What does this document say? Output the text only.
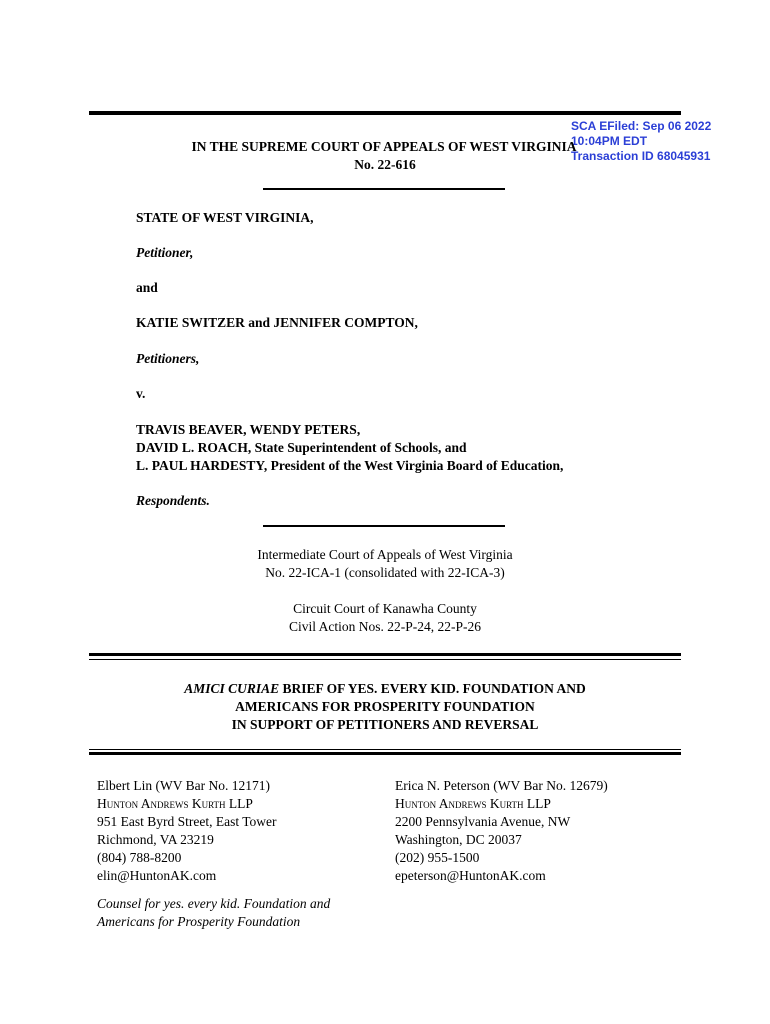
SCA EFiled: Sep 06 2022
10:04PM EDT
Transaction ID 68045931
IN THE SUPREME COURT OF APPEALS OF WEST VIRGINIA
No. 22-616
STATE OF WEST VIRGINIA,
Petitioner,
and
KATIE SWITZER and JENNIFER COMPTON,
Petitioners,
v.
TRAVIS BEAVER, WENDY PETERS,
DAVID L. ROACH, State Superintendent of Schools, and
L. PAUL HARDESTY, President of the West Virginia Board of Education,
Respondents.
Intermediate Court of Appeals of West Virginia
No. 22-ICA-1 (consolidated with 22-ICA-3)
Circuit Court of Kanawha County
Civil Action Nos. 22-P-24, 22-P-26
AMICI CURIAE BRIEF OF YES. EVERY KID. FOUNDATION AND
AMERICANS FOR PROSPERITY FOUNDATION
IN SUPPORT OF PETITIONERS AND REVERSAL
Elbert Lin (WV Bar No. 12171)
Hunton Andrews Kurth LLP
951 East Byrd Street, East Tower
Richmond, VA 23219
(804) 788-8200
elin@HuntonAK.com
Erica N. Peterson (WV Bar No. 12679)
Hunton Andrews Kurth LLP
2200 Pennsylvania Avenue, NW
Washington, DC 20037
(202) 955-1500
epeterson@HuntonAK.com
Counsel for yes. every kid. Foundation and
Americans for Prosperity Foundation
